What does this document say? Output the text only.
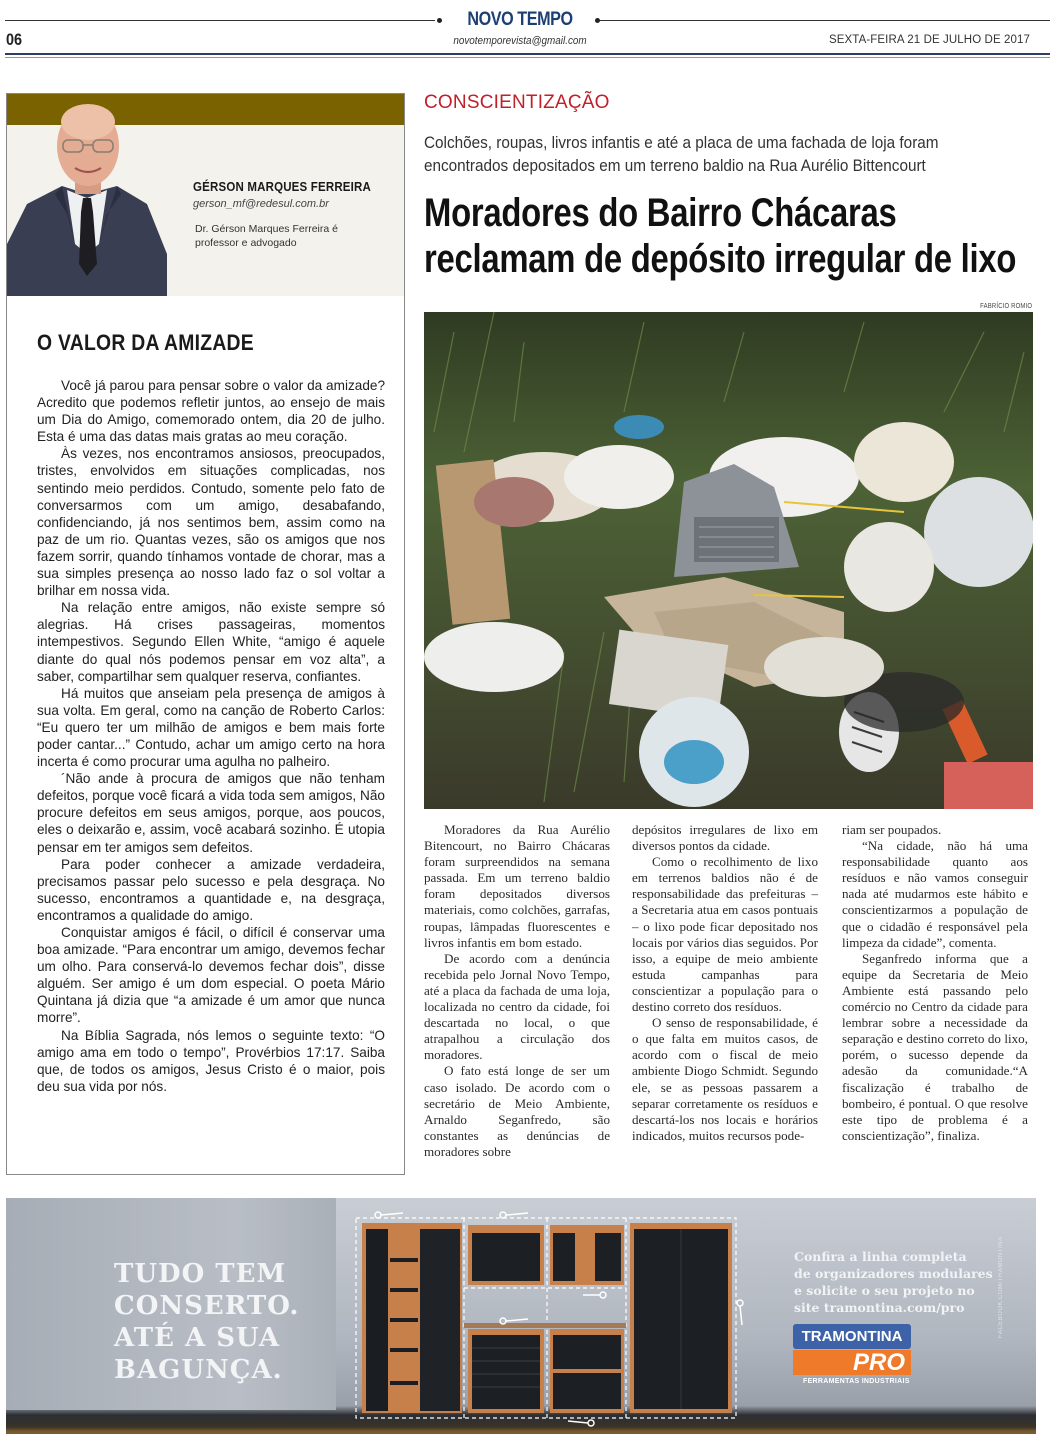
NOVO TEMPO
06	novotemporevista@gmail.com	SEXTA-FEIRA 21 DE JULHO DE 2017
GÉRSON MARQUES FERREIRA
gerson_mf@redesul.com.br
Dr. Gérson Marques Ferreira é professor e advogado
O VALOR DA AMIZADE

Você já parou para pensar sobre o valor da amizade? Acredito que podemos refletir juntos, ao ensejo de mais um Dia do Amigo, comemorado ontem, dia 20 de julho. Esta é uma das datas mais gratas ao meu coração.

Às vezes, nos encontramos ansiosos, preocupados, tristes, envolvidos em situações complicadas, nos sentindo meio perdidos. Contudo, somente pelo fato de conversarmos com um amigo, desabafando, confidenciando, já nos sentimos bem, assim como na paz de um rio. Quantas vezes, são os amigos que nos fazem sorrir, quando tínhamos vontade de chorar, mas a sua simples presença ao nosso lado faz o sol voltar a brilhar em nossa vida.

Na relação entre amigos, não existe sempre só alegrias. Há crises passageiras, momentos intempestivos. Segundo Ellen White, “amigo é aquele diante do qual nós podemos pensar em voz alta”, a saber, compartilhar sem qualquer reserva, confiantes.

Há muitos que anseiam pela presença de amigos à sua volta. Em geral, como na canção de Roberto Carlos: “Eu quero ter um milhão de amigos e bem mais forte poder cantar...” Contudo, achar um amigo certo na hora incerta é como procurar uma agulha no palheiro.

´Não ande à procura de amigos que não tenham defeitos, porque você ficará a vida toda sem amigos, Não procure defeitos em seus amigos, porque, aos poucos, eles o deixarão e, assim, você acabará sozinho. É utopia pensar em ter amigos sem defeitos.

Para poder conhecer a amizade verdadeira, precisamos passar pelo sucesso e pela desgraça. No sucesso, encontramos a quantidade e, na desgraça, encontramos a qualidade do amigo.

Conquistar amigos é fácil, o difícil é conservar uma boa amizade. “Para encontrar um amigo, devemos fechar um olho. Para conservá-lo devemos fechar dois”, disse alguém. Ser amigo é um dom especial. O poeta Mário Quintana já dizia que “a amizade é um amor que nunca morre”.

Na Bíblia Sagrada, nós lemos o seguinte texto: “O amigo ama em todo o tempo”, Provérbios 17:17. Saiba que, de todos os amigos, Jesus Cristo é o maior, pois deu sua vida por nós.

CONSCIENTIZAÇÃO
Colchões, roupas, livros infantis e até a placa de uma fachada de loja foram
encontrados depositados em um terreno baldio na Rua Aurélio Bittencourt
Moradores do Bairro Chácaras
reclamam de depósito irregular de lixo
FABRÍCIO ROMIO

Moradores da Rua Aurélio Bitencourt, no Bairro Chácaras foram surpreendidos na semana passada. Em um terreno baldio foram depositados diversos materiais, como colchões, garrafas, roupas, lâmpadas fluorescentes e livros infantis em bom estado.

De acordo com a denúncia recebida pelo Jornal Novo Tempo, até a placa da fachada de uma loja, localizada no centro da cidade, foi descartada no local, o que atrapalhou a circulação dos moradores.

O fato está longe de ser um caso isolado. De acordo com o secretário de Meio Ambiente, Arnaldo Seganfredo, são constantes as denúncias de moradores sobre

depósitos irregulares de lixo em diversos pontos da cidade.

Como o recolhimento de lixo em terrenos baldios não é de responsabilidade das prefeituras – a Secretaria atua em casos pontuais – o lixo pode ficar depositado nos locais por vários dias seguidos. Por isso, a equipe de meio ambiente estuda campanhas para conscientizar a população para o destino correto dos resíduos.

O senso de responsabilidade, é o que falta em muitos casos, de acordo com o fiscal de meio ambiente Diogo Schmidt. Segundo ele, se as pessoas passarem a separar corretamente os resíduos e descartá-los nos locais e horários indicados, muitos recursos pode-

riam ser poupados.

“Na cidade, não há uma responsabilidade quanto aos resíduos e não vamos conseguir nada até mudarmos este hábito e conscientizarmos a população de que o cidadão é responsável pela limpeza da cidade”, comenta.

Seganfredo informa que a equipe da Secretaria de Meio Ambiente está passando pelo comércio no Centro da cidade para lembrar sobre a necessidade da separação e destino correto do lixo, porém, o sucesso depende da adesão da comunidade.“A fiscalização é trabalho de bombeiro, é pontual. O que resolve este tipo de problema é a conscientização”, finaliza.

TUDO TEM
CONSERTO.
ATÉ A SUA
BAGUNÇA.
Confira a linha completa
de organizadores modulares
e solicite o seu projeto no
site tramontina.com/pro
TRAMONTINA
PRO
FERRAMENTAS INDUSTRIAIS
FACEBOOK.COM/TRAMONTINA
